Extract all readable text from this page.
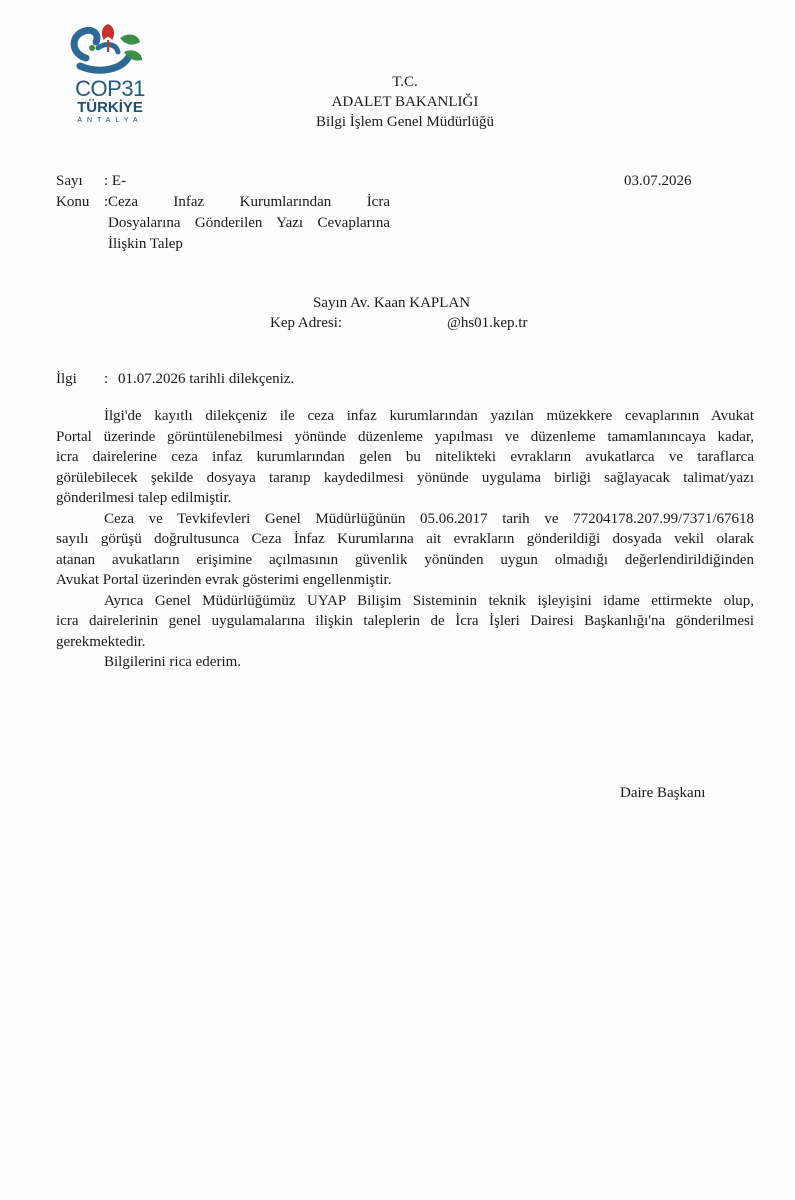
COP31
TÜRKİYE
ANTALYA
T.C.
ADALET BAKANLIĞI
Bilgi İşlem Genel Müdürlüğü
Sayı : E-	03.07.2026
Konu : Ceza Infaz Kurumlarından İcra
Dosyalarına Gönderilen Yazı Cevaplarına
İlişkin Talep
Sayın Av. Kaan KAPLAN
Kep Adresi:	@hs01.kep.tr
İlgi : 01.07.2026 tarihli dilekçeniz.

İlgi'de kayıtlı dilekçeniz ile ceza infaz kurumlarından yazılan müzekkere cevaplarının Avukat
Portal üzerinde görüntülenebilmesi yönünde düzenleme yapılması ve düzenleme tamamlanıncaya kadar,
icra dairelerine ceza infaz kurumlarından gelen bu nitelikteki evrakların avukatlarca ve taraflarca
görülebilecek şekilde dosyaya taranıp kaydedilmesi yönünde uygulama birliği sağlayacak talimat/yazı
gönderilmesi talep edilmiştir.

Ceza ve Tevkifevleri Genel Müdürlüğünün 05.06.2017 tarih ve 77204178.207.99/7371/67618
sayılı görüşü doğrultusunca Ceza İnfaz Kurumlarına ait evrakların gönderildiği dosyada vekil olarak
atanan avukatların erişimine açılmasının güvenlik yönünden uygun olmadığı değerlendirildiğinden
Avukat Portal üzerinden evrak gösterimi engellenmiştir.

Ayrıca Genel Müdürlüğümüz UYAP Bilişim Sisteminin teknik işleyişini idame ettirmekte olup,
icra dairelerinin genel uygulamalarına ilişkin taleplerin de İcra İşleri Dairesi Başkanlığı'na gönderilmesi
gerekmektedir.

Bilgilerini rica ederim.

Daire Başkanı
